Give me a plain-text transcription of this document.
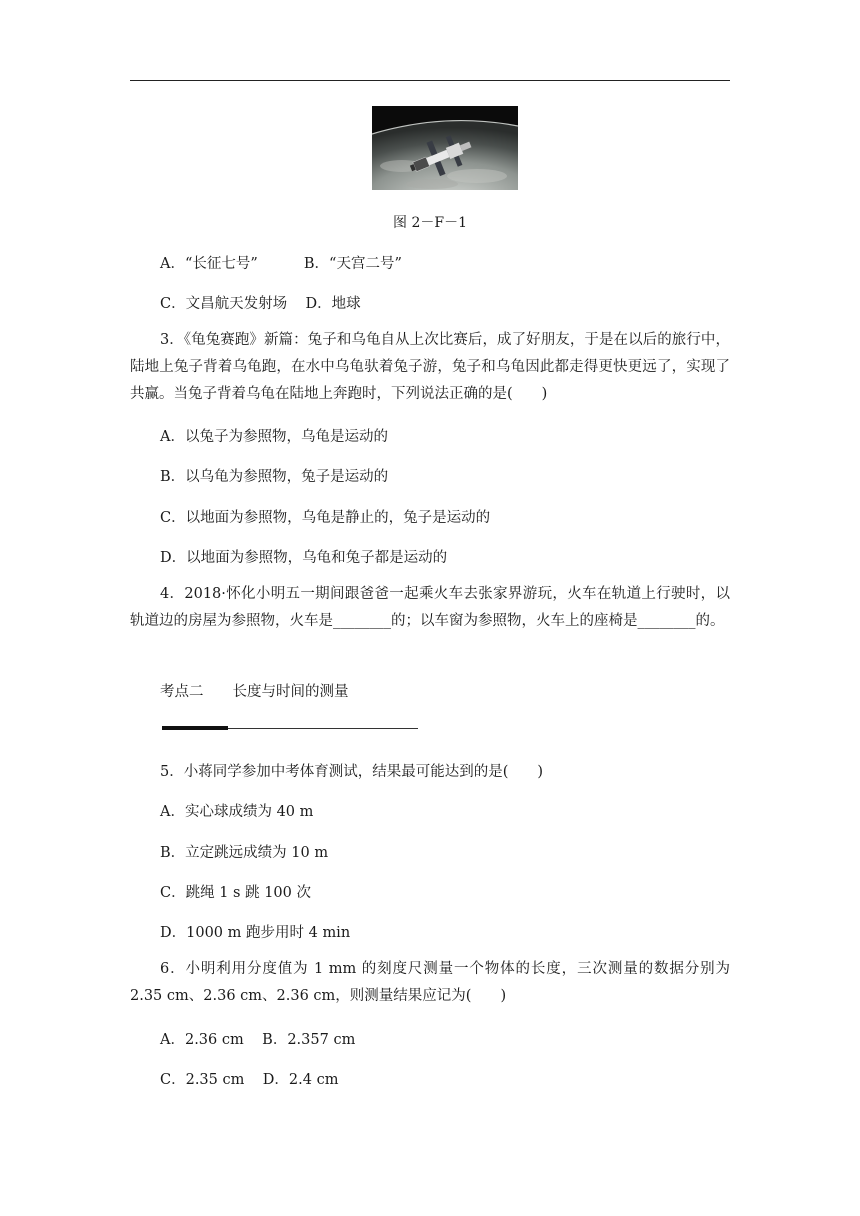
图 2－F－1
A．“长征七号”          B．“天宫二号”
C．文昌航天发射场    D．地球
3．《龟兔赛跑》新篇：兔子和乌龟自从上次比赛后，成了好朋友，于是在以后的旅行中，陆地上兔子背着乌龟跑，在水中乌龟驮着兔子游，兔子和乌龟因此都走得更快更远了，实现了共赢。当兔子背着乌龟在陆地上奔跑时，下列说法正确的是(　　)
A．以兔子为参照物，乌龟是运动的
B．以乌龟为参照物，兔子是运动的
C．以地面为参照物，乌龟是静止的，兔子是运动的
D．以地面为参照物，乌龟和兔子都是运动的
4．2018·怀化小明五一期间跟爸爸一起乘火车去张家界游玩，火车在轨道上行驶时，以轨道边的房屋为参照物，火车是________的；以车窗为参照物，火车上的座椅是________的。
考点二　　长度与时间的测量
5．小蒋同学参加中考体育测试，结果最可能达到的是(　　)
A．实心球成绩为 40 m
B．立定跳远成绩为 10 m
C．跳绳 1 s 跳 100 次
D．1000 m 跑步用时 4 min
6．小明利用分度值为 1 mm 的刻度尺测量一个物体的长度，三次测量的数据分别为 2.35 cm、2.36 cm、2.36 cm，则测量结果应记为(　　)
A．2.36 cm    B．2.357 cm
C．2.35 cm    D．2.4 cm
